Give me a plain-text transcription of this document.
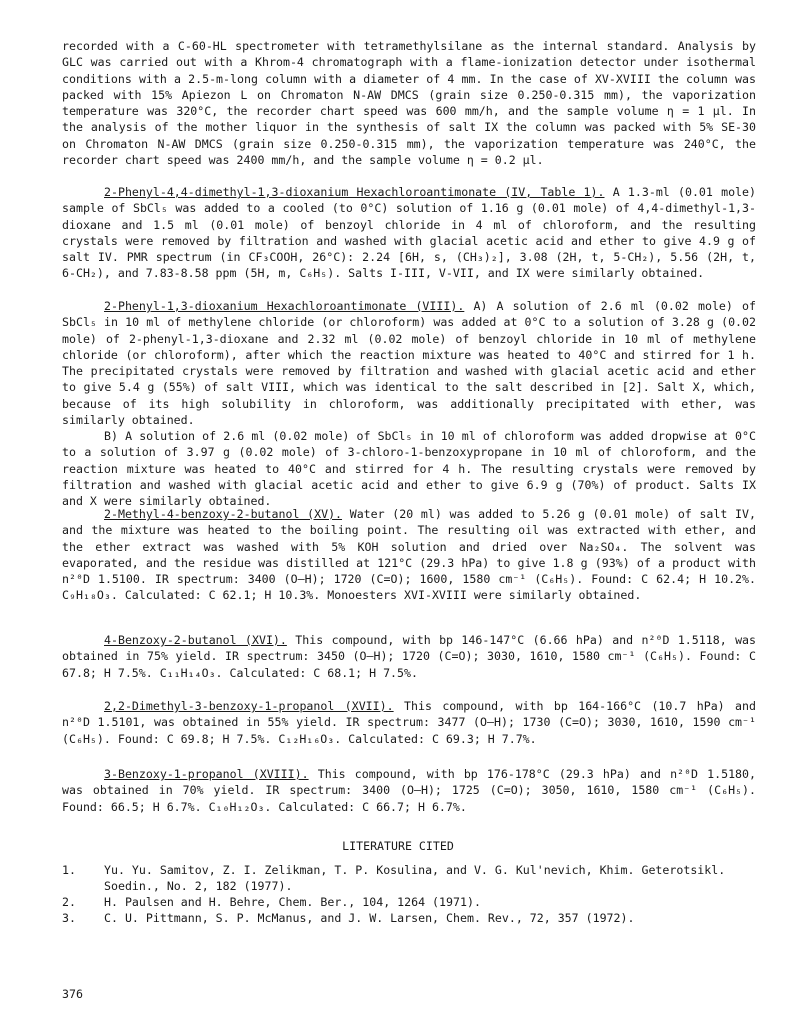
recorded with a C-60-HL spectrometer with tetramethylsilane as the internal standard. Analysis by GLC was carried out with a Khrom-4 chromatograph with a flame-ionization detector under isothermal conditions with a 2.5-m-long column with a diameter of 4 mm. In the case of XV-XVIII the column was packed with 15% Apiezon L on Chromaton N-AW DMCS (grain size 0.250-0.315 mm), the vaporization temperature was 320°C, the recorder chart speed was 600 mm/h, and the sample volume η = 1 μl. In the analysis of the mother liquor in the synthesis of salt IX the column was packed with 5% SE-30 on Chromaton N-AW DMCS (grain size 0.250-0.315 mm), the vaporization temperature was 240°C, the recorder chart speed was 2400 mm/h, and the sample volume η = 0.2 μl.

2-Phenyl-4,4-dimethyl-1,3-dioxanium Hexachloroantimonate (IV, Table 1). A 1.3-ml (0.01 mole) sample of SbCl₅ was added to a cooled (to 0°C) solution of 1.16 g (0.01 mole) of 4,4-dimethyl-1,3-dioxane and 1.5 ml (0.01 mole) of benzoyl chloride in 4 ml of chloroform, and the resulting crystals were removed by filtration and washed with glacial acetic acid and ether to give 4.9 g of salt IV. PMR spectrum (in CF₃COOH, 26°C): 2.24 [6H, s, (CH₃)₂], 3.08 (2H, t, 5-CH₂), 5.56 (2H, t, 6-CH₂), and 7.83-8.58 ppm (5H, m, C₆H₅). Salts I-III, V-VII, and IX were similarly obtained.

2-Phenyl-1,3-dioxanium Hexachloroantimonate (VIII). A) A solution of 2.6 ml (0.02 mole) of SbCl₅ in 10 ml of methylene chloride (or chloroform) was added at 0°C to a solution of 3.28 g (0.02 mole) of 2-phenyl-1,3-dioxane and 2.32 ml (0.02 mole) of benzoyl chloride in 10 ml of methylene chloride (or chloroform), after which the reaction mixture was heated to 40°C and stirred for 1 h. The precipitated crystals were removed by filtration and washed with glacial acetic acid and ether to give 5.4 g (55%) of salt VIII, which was identical to the salt described in [2]. Salt X, which, because of its high solubility in chloroform, was additionally precipitated with ether, was similarly obtained.

B) A solution of 2.6 ml (0.02 mole) of SbCl₅ in 10 ml of chloroform was added dropwise at 0°C to a solution of 3.97 g (0.02 mole) of 3-chloro-1-benzoxypropane in 10 ml of chloroform, and the reaction mixture was heated to 40°C and stirred for 4 h. The resulting crystals were removed by filtration and washed with glacial acetic acid and ether to give 6.9 g (70%) of product. Salts IX and X were similarly obtained.

2-Methyl-4-benzoxy-2-butanol (XV). Water (20 ml) was added to 5.26 g (0.01 mole) of salt IV, and the mixture was heated to the boiling point. The resulting oil was extracted with ether, and the ether extract was washed with 5% KOH solution and dried over Na₂SO₄. The solvent was evaporated, and the residue was distilled at 121°C (29.3 hPa) to give 1.8 g (93%) of a product with n²⁰D 1.5100. IR spectrum: 3400 (O—H); 1720 (C=O); 1600, 1580 cm⁻¹ (C₆H₅). Found: C 62.4; H 10.2%. C₉H₁₈O₃. Calculated: C 62.1; H 10.3%. Monoesters XVI-XVIII were similarly obtained.

4-Benzoxy-2-butanol (XVI). This compound, with bp 146-147°C (6.66 hPa) and n²⁰D 1.5118, was obtained in 75% yield. IR spectrum: 3450 (O—H); 1720 (C=O); 3030, 1610, 1580 cm⁻¹ (C₆H₅). Found: C 67.8; H 7.5%. C₁₁H₁₄O₃. Calculated: C 68.1; H 7.5%.

2,2-Dimethyl-3-benzoxy-1-propanol (XVII). This compound, with bp 164-166°C (10.7 hPa) and n²⁰D 1.5101, was obtained in 55% yield. IR spectrum: 3477 (O—H); 1730 (C=O); 3030, 1610, 1590 cm⁻¹ (C₆H₅). Found: C 69.8; H 7.5%. C₁₂H₁₆O₃. Calculated: C 69.3; H 7.7%.

3-Benzoxy-1-propanol (XVIII). This compound, with bp 176-178°C (29.3 hPa) and n²⁰D 1.5180, was obtained in 70% yield. IR spectrum: 3400 (O—H); 1725 (C=O); 3050, 1610, 1580 cm⁻¹ (C₆H₅). Found: 66.5; H 6.7%. C₁₀H₁₂O₃. Calculated: C 66.7; H 6.7%.

LITERATURE CITED

1. Yu. Yu. Samitov, Z. I. Zelikman, T. P. Kosulina, and V. G. Kul'nevich, Khim. Geterotsikl. Soedin., No. 2, 182 (1977).
2. H. Paulsen and H. Behre, Chem. Ber., 104, 1264 (1971).
3. C. U. Pittmann, S. P. McManus, and J. W. Larsen, Chem. Rev., 72, 357 (1972).

376
